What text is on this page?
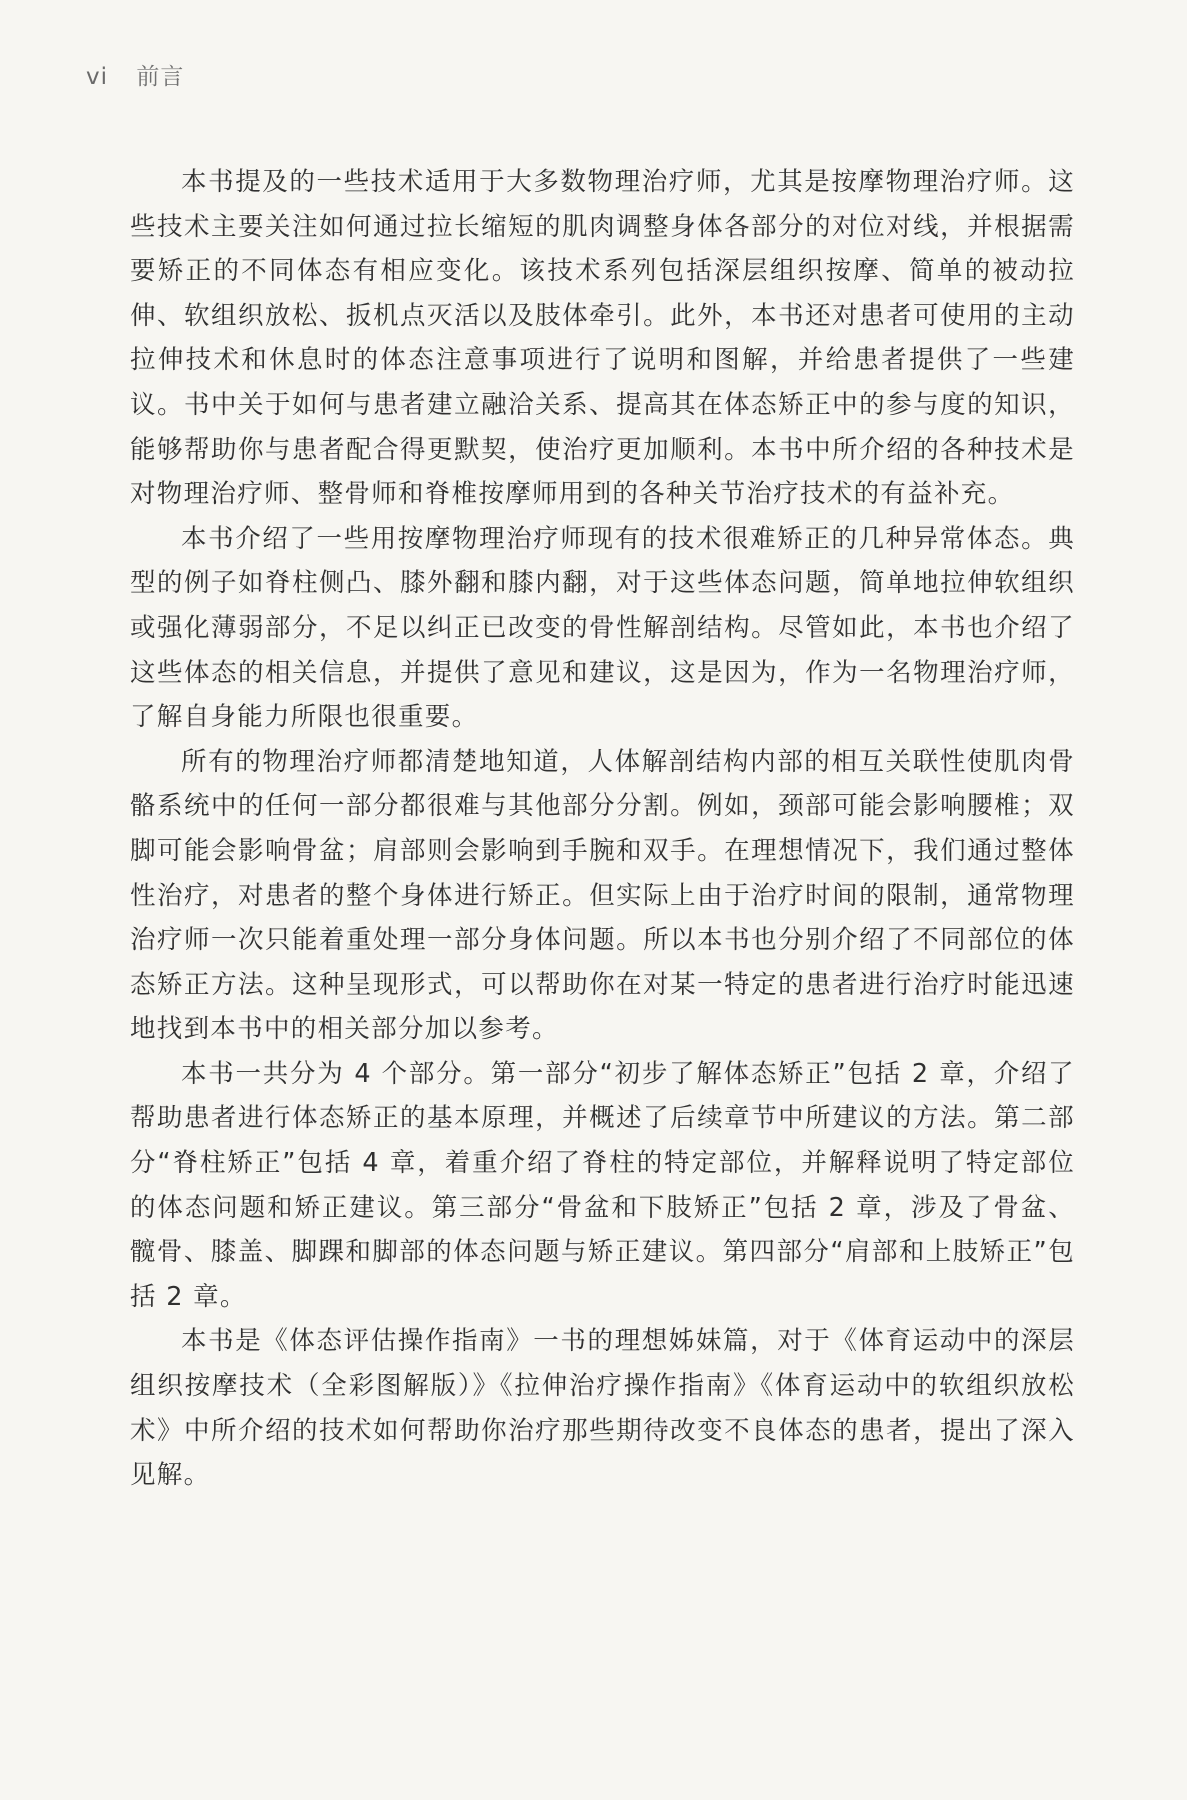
vi 前言

本书提及的一些技术适用于大多数物理治疗师，尤其是按摩物理治疗师。这些技术主要关注如何通过拉长缩短的肌肉调整身体各部分的对位对线，并根据需要矫正的不同体态有相应变化。该技术系列包括深层组织按摩、简单的被动拉伸、软组织放松、扳机点灭活以及肢体牵引。此外，本书还对患者可使用的主动拉伸技术和休息时的体态注意事项进行了说明和图解，并给患者提供了一些建议。书中关于如何与患者建立融洽关系、提高其在体态矫正中的参与度的知识，能够帮助你与患者配合得更默契，使治疗更加顺利。本书中所介绍的各种技术是对物理治疗师、整骨师和脊椎按摩师用到的各种关节治疗技术的有益补充。

本书介绍了一些用按摩物理治疗师现有的技术很难矫正的几种异常体态。典型的例子如脊柱侧凸、膝外翻和膝内翻，对于这些体态问题，简单地拉伸软组织或强化薄弱部分，不足以纠正已改变的骨性解剖结构。尽管如此，本书也介绍了这些体态的相关信息，并提供了意见和建议，这是因为，作为一名物理治疗师，了解自身能力所限也很重要。

所有的物理治疗师都清楚地知道，人体解剖结构内部的相互关联性使肌肉骨骼系统中的任何一部分都很难与其他部分分割。例如，颈部可能会影响腰椎；双脚可能会影响骨盆；肩部则会影响到手腕和双手。在理想情况下，我们通过整体性治疗，对患者的整个身体进行矫正。但实际上由于治疗时间的限制，通常物理治疗师一次只能着重处理一部分身体问题。所以本书也分别介绍了不同部位的体态矫正方法。这种呈现形式，可以帮助你在对某一特定的患者进行治疗时能迅速地找到本书中的相关部分加以参考。

本书一共分为 4 个部分。第一部分“初步了解体态矫正”包括 2 章，介绍了帮助患者进行体态矫正的基本原理，并概述了后续章节中所建议的方法。第二部分“脊柱矫正”包括 4 章，着重介绍了脊柱的特定部位，并解释说明了特定部位的体态问题和矫正建议。第三部分“骨盆和下肢矫正”包括 2 章，涉及了骨盆、髋骨、膝盖、脚踝和脚部的体态问题与矫正建议。第四部分“肩部和上肢矫正”包括 2 章。

本书是《体态评估操作指南》一书的理想姊妹篇，对于《体育运动中的深层组织按摩技术（全彩图解版）》《拉伸治疗操作指南》《体育运动中的软组织放松术》中所介绍的技术如何帮助你治疗那些期待改变不良体态的患者，提出了深入见解。
